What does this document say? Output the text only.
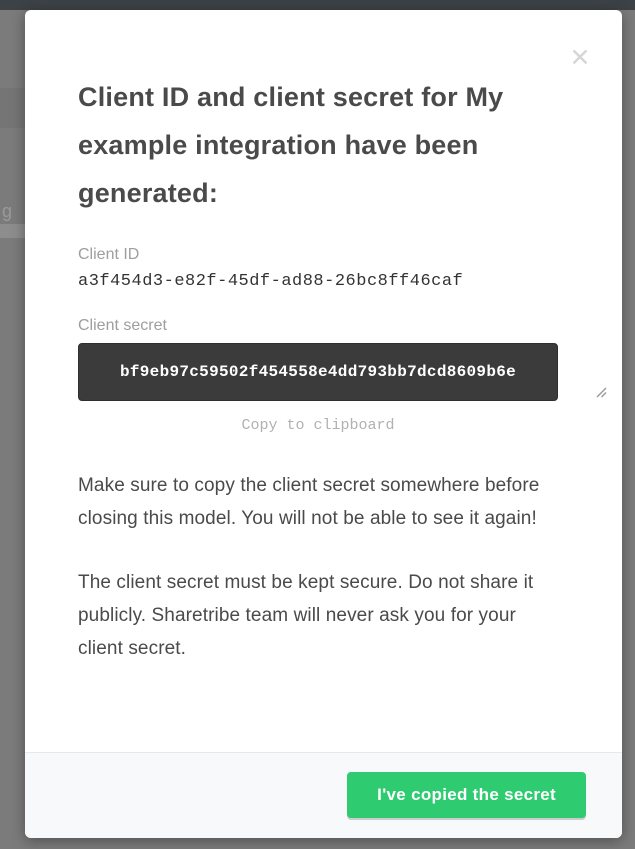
g
✕
Client ID and client secret for My
example integration have been
generated:
Client ID
a3f454d3-e82f-45df-ad88-26bc8ff46caf
Client secret
bf9eb97c59502f454558e4dd793bb7dcd8609b6e
Copy to clipboard

Make sure to copy the client secret somewhere before closing this model. You will not be able to see it again!

The client secret must be kept secure. Do not share it publicly. Sharetribe team will never ask you for your client secret.

I've copied the secret
